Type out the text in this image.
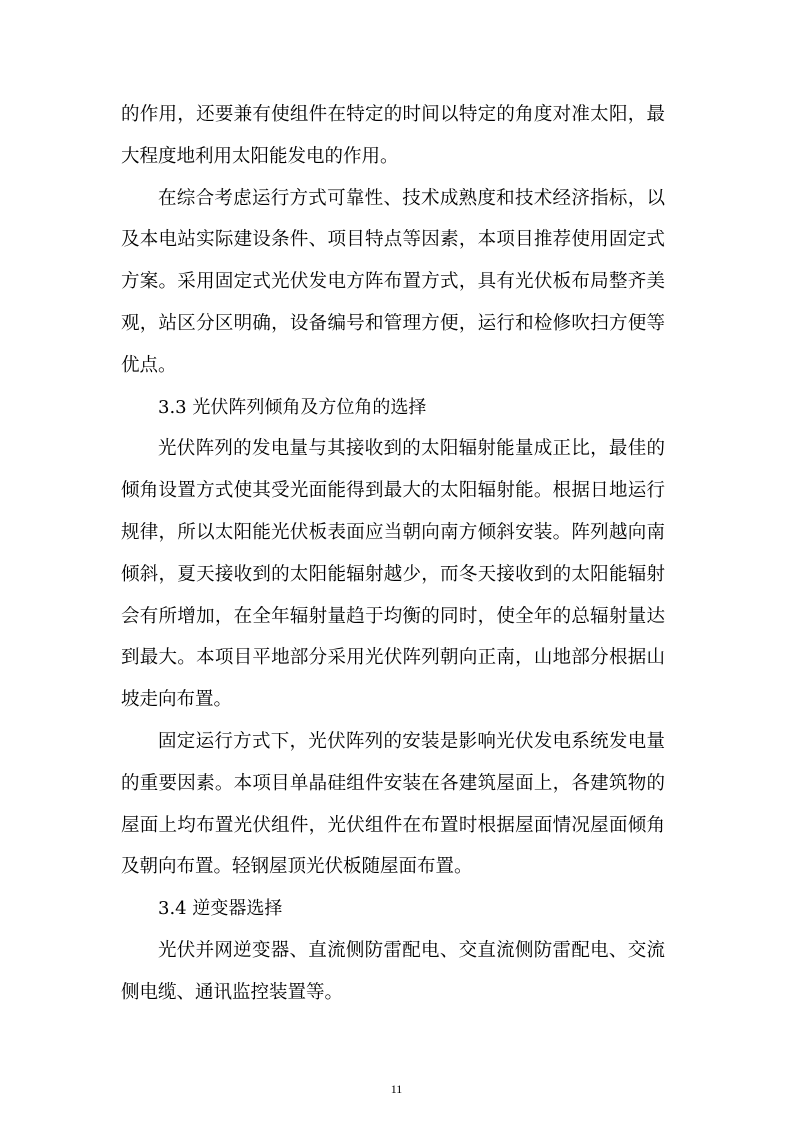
的作用，还要兼有使组件在特定的时间以特定的角度对准太阳，最
大程度地利用太阳能发电的作用。
在综合考虑运行方式可靠性、技术成熟度和技术经济指标，以
及本电站实际建设条件、项目特点等因素，本项目推荐使用固定式
方案。采用固定式光伏发电方阵布置方式，具有光伏板布局整齐美
观，站区分区明确，设备编号和管理方便，运行和检修吹扫方便等
优点。
3.3 光伏阵列倾角及方位角的选择
光伏阵列的发电量与其接收到的太阳辐射能量成正比，最佳的
倾角设置方式使其受光面能得到最大的太阳辐射能。根据日地运行
规律，所以太阳能光伏板表面应当朝向南方倾斜安装。阵列越向南
倾斜，夏天接收到的太阳能辐射越少，而冬天接收到的太阳能辐射
会有所增加，在全年辐射量趋于均衡的同时，使全年的总辐射量达
到最大。本项目平地部分采用光伏阵列朝向正南，山地部分根据山
坡走向布置。
固定运行方式下，光伏阵列的安装是影响光伏发电系统发电量
的重要因素。本项目单晶硅组件安装在各建筑屋面上，各建筑物的
屋面上均布置光伏组件，光伏组件在布置时根据屋面情况屋面倾角
及朝向布置。轻钢屋顶光伏板随屋面布置。
3.4 逆变器选择
光伏并网逆变器、直流侧防雷配电、交直流侧防雷配电、交流
侧电缆、通讯监控装置等。
11
